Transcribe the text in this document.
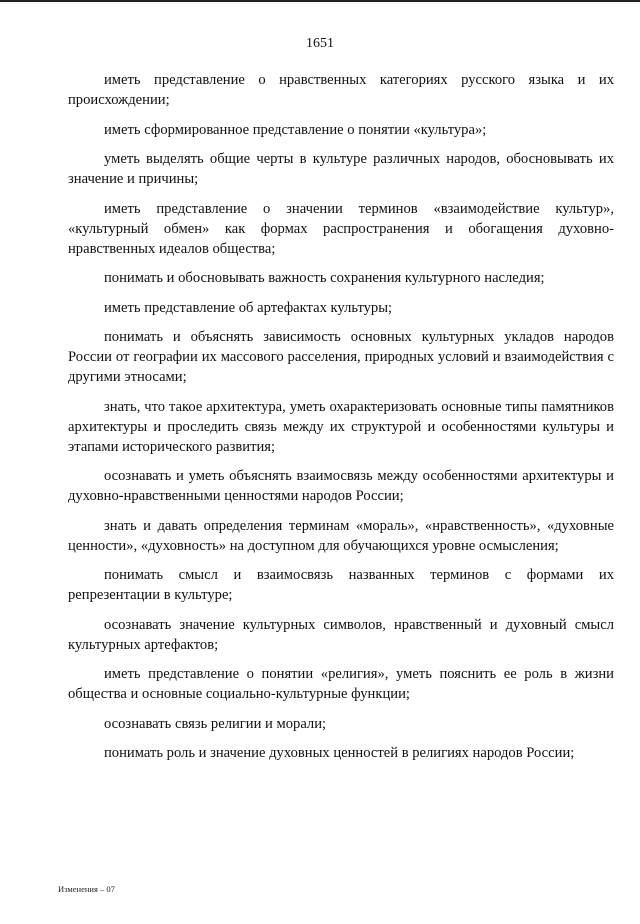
1651

иметь представление о нравственных категориях русского языка и их происхождении;

иметь сформированное представление о понятии «культура»;

уметь выделять общие черты в культуре различных народов, обосновывать их значение и причины;

иметь представление о значении терминов «взаимодействие культур», «культурный обмен» как формах распространения и обогащения духовно-нравственных идеалов общества;

понимать и обосновывать важность сохранения культурного наследия;

иметь представление об артефактах культуры;

понимать и объяснять зависимость основных культурных укладов народов России от географии их массового расселения, природных условий и взаимодействия с другими этносами;

знать, что такое архитектура, уметь охарактеризовать основные типы памятников архитектуры и проследить связь между их структурой и особенностями культуры и этапами исторического развития;

осознавать и уметь объяснять взаимосвязь между особенностями архитектуры и духовно-нравственными ценностями народов России;

знать и давать определения терминам «мораль», «нравственность», «духовные ценности», «духовность» на доступном для обучающихся уровне осмысления;

понимать смысл и взаимосвязь названных терминов с формами их репрезентации в культуре;

осознавать значение культурных символов, нравственный и духовный смысл культурных артефактов;

иметь представление о понятии «религия», уметь пояснить ее роль в жизни общества и основные социально-культурные функции;

осознавать связь религии и морали;

понимать роль и значение духовных ценностей в религиях народов России;

Изменения – 07
